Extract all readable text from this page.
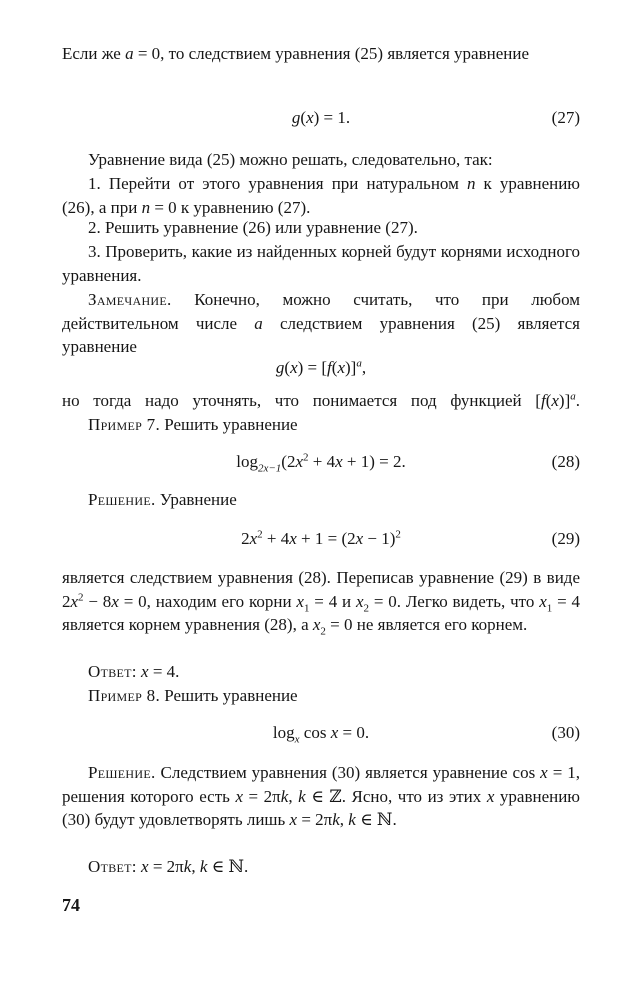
Если же a = 0, то следствием уравнения (25) является уравнение
g(x) = 1.	(27)
Уравнение вида (25) можно решать, следовательно, так:
1. Перейти от этого уравнения при натуральном n к уравнению (26), а при n = 0 к уравнению (27).
2. Решить уравнение (26) или уравнение (27).
3. Проверить, какие из найденных корней будут корнями исходного уравнения.
Замечание. Конечно, можно считать, что при любом действительном числе a следствием уравнения (25) является уравнение
$g(x) = [f(x)]^a$,
но тогда надо уточнять, что понимается под функцией $[f(x)]^a$.
Пример 7. Решить уравнение
$\log_{2x-1}(2x^2 + 4x + 1) = 2$.	(28)
Решение. Уравнение
$2x^2 + 4x + 1 = (2x - 1)^2$	(29)
является следствием уравнения (28). Переписав уравнение (29) в виде $2x^2 - 8x = 0$, находим его корни $x_1 = 4$ и $x_2 = 0$. Легко видеть, что $x_1 = 4$ является корнем уравнения (28), а $x_2 = 0$ не является его корнем.
Ответ: x = 4.
Пример 8. Решить уравнение
$\log_x \cos x = 0$.	(30)
Решение. Следствием уравнения (30) является уравнение cos x = 1, решения которого есть x = 2πk, k ∈ ℤ. Ясно, что из этих x уравнению (30) будут удовлетворять лишь x = 2πk, k ∈ ℕ.
Ответ: x = 2πk, k ∈ ℕ.
74
